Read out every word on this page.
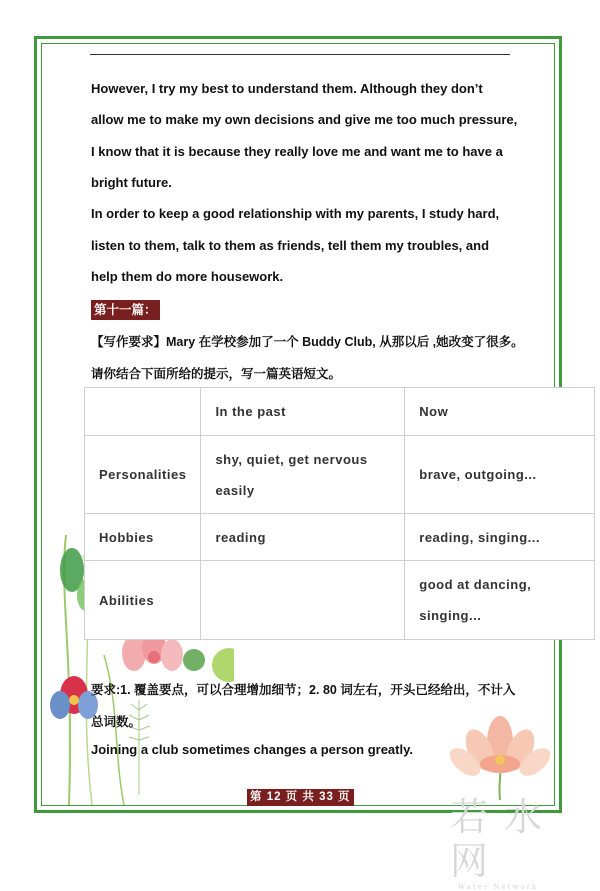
However, I try my best to understand them. Although they don’t
allow me to make my own decisions and give me too much pressure,
I know that it is because they really love me and want me to have a
bright future.
In order to keep a good relationship with my parents, I study hard,
listen to them, talk to them as friends, tell them my troubles, and
help them do more housework.
第十一篇：
【写作要求】Mary 在学校参加了一个 Buddy Club, 从那以后 ,她改变了很多。
请你结合下面所给的提示，写一篇英语短文。
	In the past	Now
Personalities	shy, quiet, get nervous easily	brave, outgoing...
Hobbies	reading	reading, singing...
Abilities		good at dancing, singing...
要求:1. 覆盖要点，可以合理增加细节；2. 80 词左右，开头已经给出，不计入
总词数。
Joining a club sometimes changes a person greatly.
第 12 页 共 33 页	若水网
Water Network
